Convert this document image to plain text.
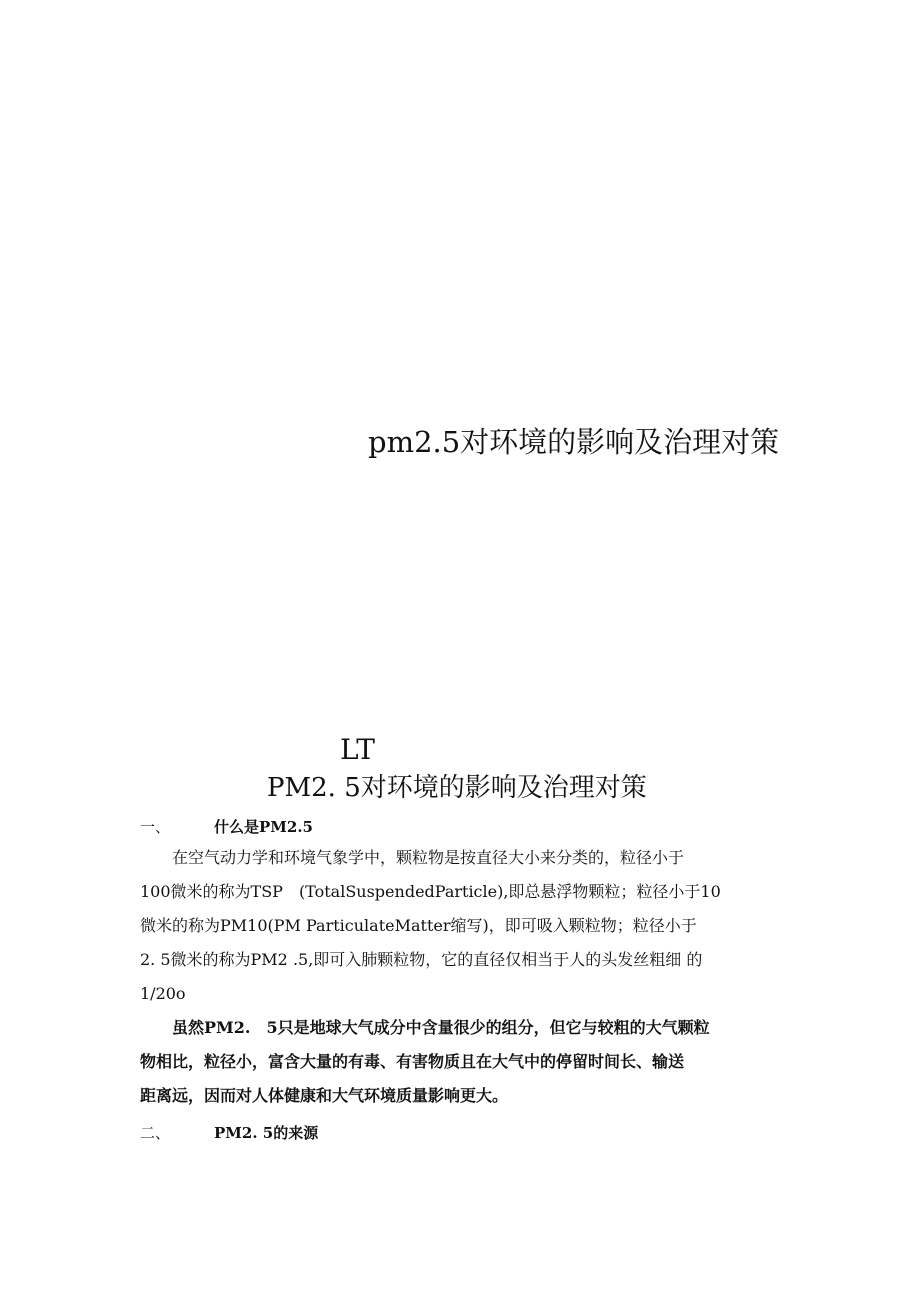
pm2.5对环境的影响及治理对策
LT
PM2. 5对环境的影响及治理对策
一、	什么是PM2.5
　　在空气动力学和环境气象学中，颗粒物是按直径大小来分类的，粒径小于
100微米的称为TSP　(TotalSuspendedParticle),即总悬浮物颗粒；粒径小于10
微米的称为PM10(PM ParticulateMatter缩写)，即可吸入颗粒物；粒径小于
2. 5微米的称为PM2 .5,即可入肺颗粒物，它的直径仅相当于人的头发丝粗细 的
1/20o
　　虽然PM2.　5只是地球大气成分中含量很少的组分，但它与较粗的大气颗粒
物相比，粒径小，富含大量的有毒、有害物质且在大气中的停留时间长、输送
距离远，因而对人体健康和大气环境质量影响更大。
二、	PM2. 5的来源
